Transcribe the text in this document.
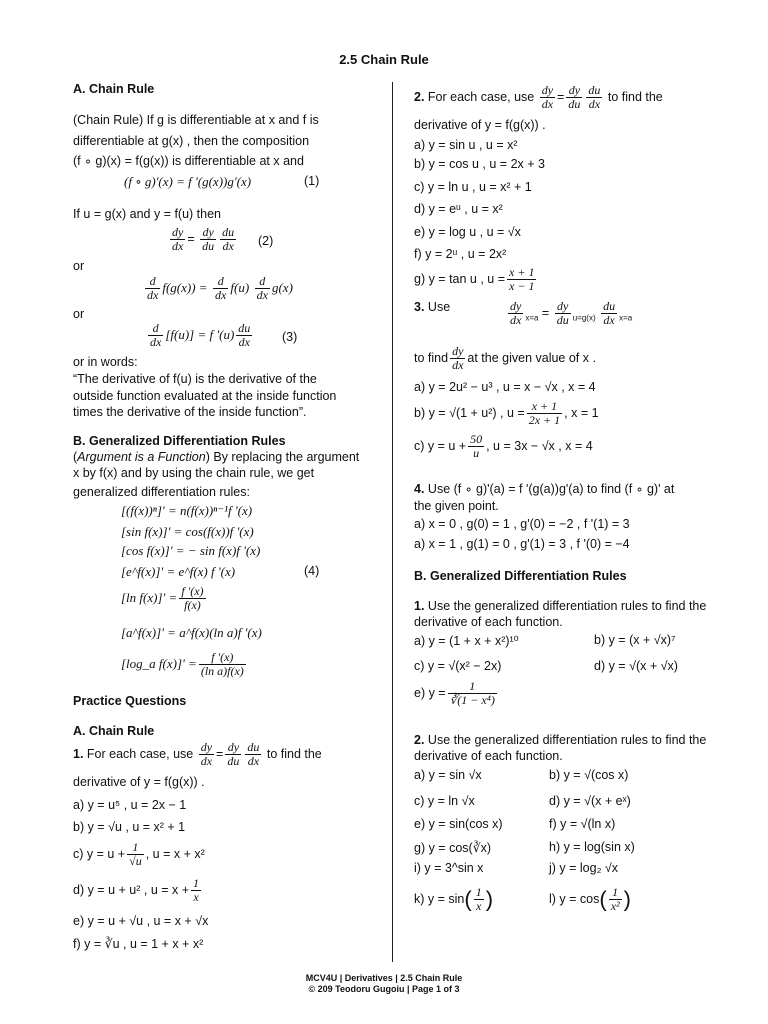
2.5 Chain Rule
A. Chain Rule
(Chain Rule) If g is differentiable at x and f is
differentiable at g(x) , then the composition
(f ∘ g)(x) = f(g(x)) is differentiable at x and
(f ∘ g)'(x) = f '(g(x))g'(x)	(1)
If u = g(x) and y = f(u) then
$\frac{dy}{dx} = \frac{dy}{du} \frac{du}{dx} (2)$
or
$\frac{d}{dx} f(g(x)) = \frac{d}{dx} f(u) \frac{d}{dx} g(x)$
or
$\frac{d}{dx} [f(u)] = f$ '$(u) \frac{du}{dx} (3)$
or in words:
“The derivative of f(u) is the derivative of the
outside function evaluated at the inside function
times the derivative of the inside function”.
B. Generalized Differentiation Rules
(Argument is a Function) By replacing the argument
x by f(x) and by using the chain rule, we get
generalized differentiation rules:
[(f(x))ⁿ]' = n(f(x))ⁿ⁻¹f '(x)
[sin f(x)]' = cos(f(x))f '(x)
[cos f(x)]' = − sin f(x)f '(x)
[e^f(x)]' = e^f(x) f '(x)	(4)
[ln $f(x)]' = \frac{f '(x)}{f(x)}$
[a^f(x)]' = a^f(x)(ln a)f '(x)
[log_a $f(x)]' = \frac{f '(x)}{\text{(ln a)f(x)}}$
Practice Questions
A. Chain Rule
1. For each case, use $\frac{dy}{dx} = \frac{dy}{du} \frac{du}{dx}$ to find the
derivative of y = f(g(x)) .
a) y = u⁵ , u = 2x − 1
b) y = √u , u = x² + 1
c) $y = u + \frac{1}{√u}$ , u = x + x²
d) y = u + u² , $u = x + \frac{1}{x}$
e) y = u + √u , u = x + √x
f) y = ∛u , u = 1 + x + x²
2. For each case, use $\frac{dy}{dx} = \frac{dy}{du} \frac{du}{dx}$ to find the
derivative of y = f(g(x)) .
a) y = sin u , u = x²
b) y = cos u , u = 2x + 3
c) y = ln u , u = x² + 1
d) y = eᵘ , u = x²
e) y = log u , u = √x
f) y = 2ᵘ , u = 2x²
g) y = tan u , $u = \frac{x + 1}{x - 1}$
3. Use	$\frac{dy}{dx} _{x=a} = \frac{dy}{du} _{u=g(x)} \frac{du}{dx} _{x=a}$
to find $\frac{dy}{dx}$ at the given value of x .
a) y = 2u² − u³ , u = x − √x , x = 4
b) y = √(1 + u²) , $u = \frac{x + 1}{2x + 1}$ , x = 1
c) $y = u + \frac{50}{u}$ , u = 3x − √x , x = 4
4. Use (f ∘ g)'(a) = f '(g(a))g'(a) to find (f ∘ g)' at
the given point.
a) x = 0 , g(0) = 1 , g'(0) = −2 , f '(1) = 3
a) x = 1 , g(1) = 0 , g'(1) = 3 , f '(0) = −4
B. Generalized Differentiation Rules
1. Use the generalized differentiation rules to find the
derivative of each function.
a) y = (1 + x + x²)¹⁰	b) y = (x + √x)⁷
c) y = √(x² − 2x)	d) y = √(x + √x)
e) $y = \frac{1}{\text{∛(1 − x⁴)}}$
2. Use the generalized differentiation rules to find the
derivative of each function.
a) y = sin √x	b) y = √(cos x)
c) y = ln √x	d) y = √(x + eˣ)
e) y = sin(cos x)	f) y = √(ln x)
g) y = cos(∛x)	h) y = log(sin x)
i) y = 3^sin x	j) y = log₂ √x
k) $y = \sin( \frac{1}{x}$ )	l) $y = \cos( \frac{1}{\text{x²}}$ )
MCV4U | Derivatives | 2.5 Chain Rule
© 209 Teodoru Gugoiu | Page 1 of 3
